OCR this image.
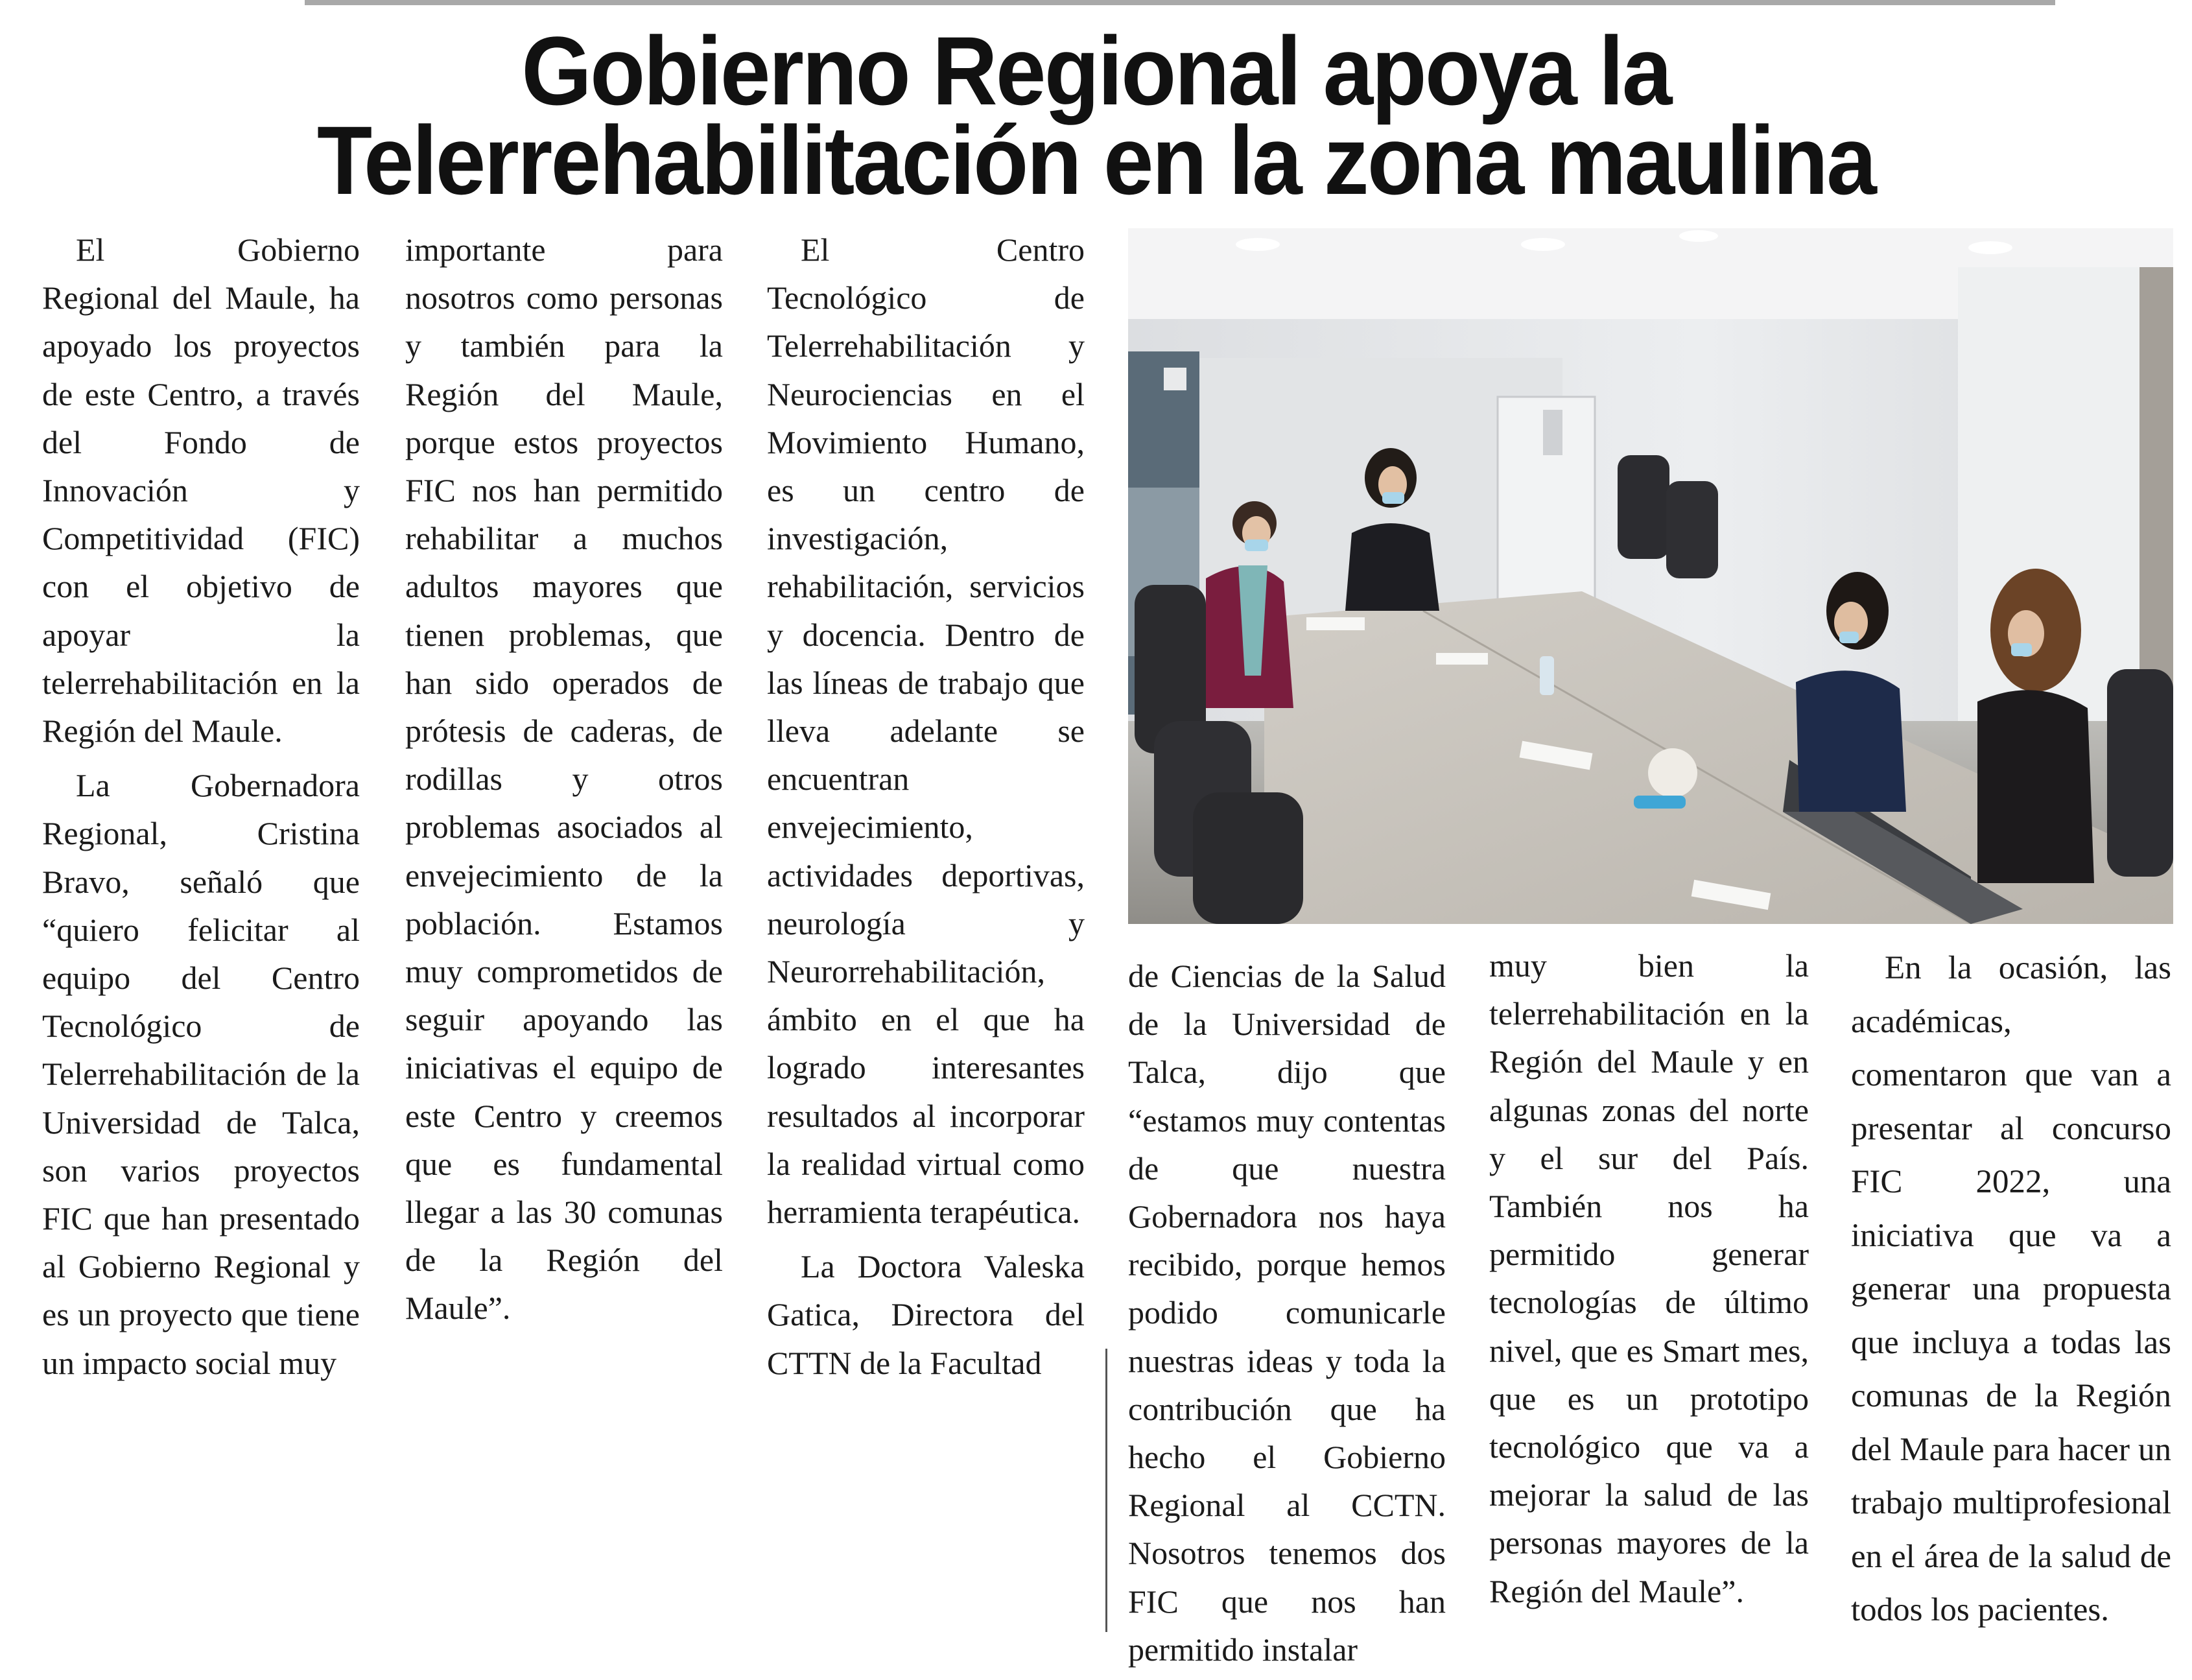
Gobierno Regional apoya la
Telerrehabilitación en la zona maulina

El Gobierno Regional del Maule, ha apoyado los proyectos de este Centro, a través del Fondo de Innovación y Competitividad (FIC) con el objetivo de apoyar la telerrehabilitación en la Región del Maule.

La Gobernadora Regional, Cristina Bravo, señaló que “quiero felicitar al equipo del Centro Tecnológico de Telerrehabilitación de la Universidad de Talca, son varios proyectos FIC que han presentado al Gobierno Regional y es un proyecto que tiene un impacto social muy

importante para nosotros como personas y también para la Región del Maule, porque estos proyectos FIC nos han permitido rehabilitar a muchos adultos mayores que tienen problemas, que han sido operados de prótesis de caderas, de rodillas y otros problemas asociados al envejecimiento de la población. Estamos muy comprometidos de seguir apoyando las iniciativas el equipo de este Centro y creemos que es fundamental llegar a las 30 comunas de la Región del Maule”.

El Centro Tecnológico de Telerrehabilitación y Neurociencias en el Movimiento Humano, es un centro de investigación, rehabilitación, servicios y docencia. Dentro de las líneas de trabajo que lleva adelante se encuentran envejecimiento, actividades deportivas, neurología y Neurorrehabilitación, ámbito en el que ha logrado interesantes resultados al incorporar la realidad virtual como herramienta terapéutica.

La Doctora Valeska Gatica, Directora del CTTN de la Facultad

de Ciencias de la Salud de la Universidad de Talca, dijo que “estamos muy contentas de que nuestra Gobernadora nos haya recibido, porque hemos podido comunicarle nuestras ideas y toda la contribución que ha hecho el Gobierno Regional al CCTN. Nosotros tenemos dos FIC que nos han permitido instalar

muy bien la telerrehabilitación en la Región del Maule y en algunas zonas del norte y el sur del País. También nos ha permitido generar tecnologías de último nivel, que es Smart mes, que es un prototipo tecnológico que va a mejorar la salud de las personas mayores de la Región del Maule”.

En la ocasión, las académicas, comentaron que van a presentar al concurso FIC 2022, una iniciativa que va a generar una propuesta que incluya a todas las comunas de la Región del Maule para hacer un trabajo multiprofesional en el área de la salud de todos los pacientes.
